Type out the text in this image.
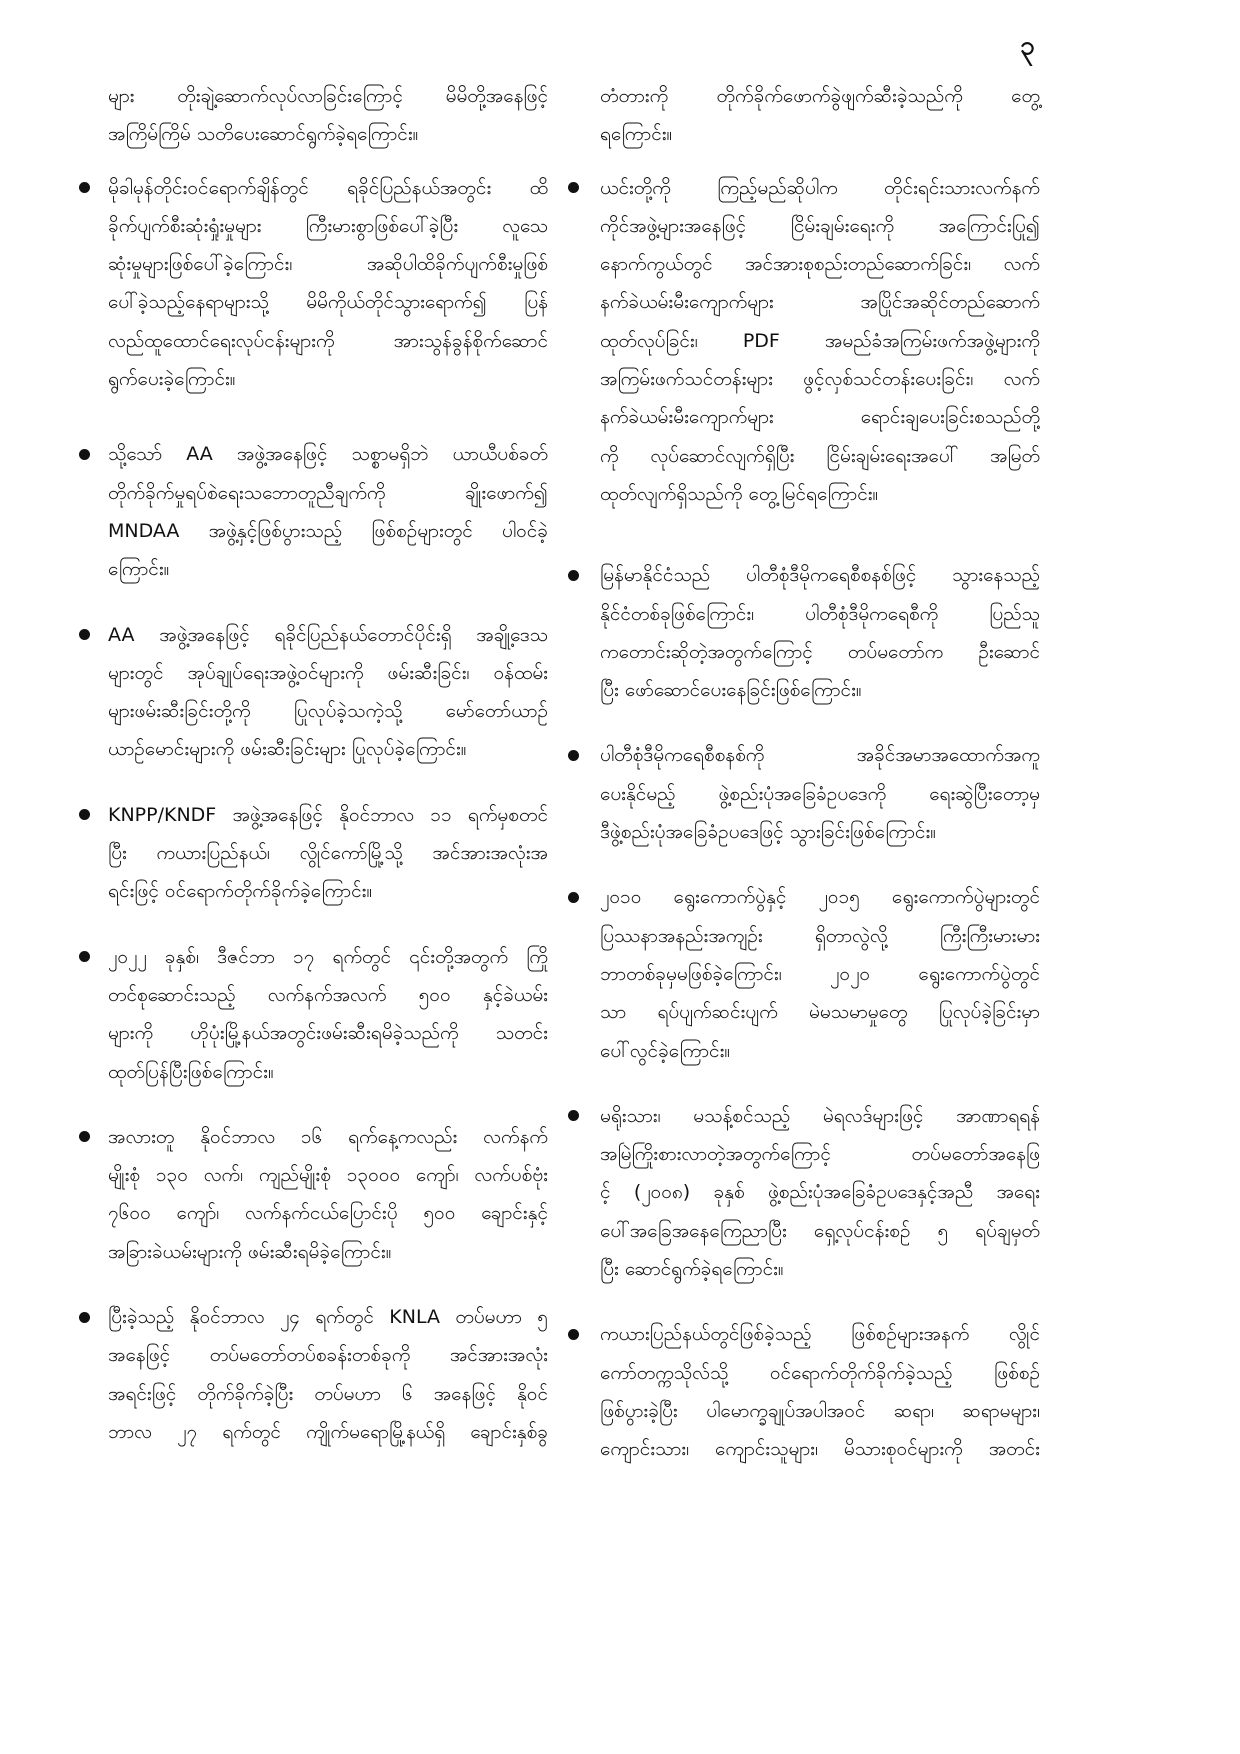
၃
များ တိုးချဲ့ဆောက်လုပ်လာခြင်းကြောင့် မိမိတို့အနေဖြင့်
အကြိမ်ကြိမ် သတိပေးဆောင်ရွက်ခဲ့ရကြောင်း။
မိုခါမုန်တိုင်းဝင်ရောက်ချိန်တွင် ရခိုင်ပြည်နယ်အတွင်း ထိ
ခိုက်ပျက်စီးဆုံးရှုံးမှုများ ကြီးမားစွာဖြစ်ပေါ်ခဲ့ပြီး လူသေ
ဆုံးမှုများဖြစ်ပေါ်ခဲ့ကြောင်း၊ အဆိုပါထိခိုက်ပျက်စီးမှုဖြစ်
ပေါ်ခဲ့သည့်နေရာများသို့ မိမိကိုယ်တိုင်သွားရောက်၍ ပြန်
လည်ထူထောင်ရေးလုပ်ငန်းများကို အားသွန်ခွန်စိုက်ဆောင်
ရွက်ပေးခဲ့ကြောင်း။
သို့သော် AA အဖွဲ့အနေဖြင့် သစ္စာမရှိဘဲ ယာယီပစ်ခတ်
တိုက်ခိုက်မှုရပ်စဲရေးသဘောတူညီချက်ကို ချိုးဖောက်၍
MNDAA အဖွဲ့နှင့်ဖြစ်ပွားသည့် ဖြစ်စဉ်များတွင် ပါဝင်ခဲ့
ကြောင်း။
AA အဖွဲ့အနေဖြင့် ရခိုင်ပြည်နယ်တောင်ပိုင်းရှိ အချို့ဒေသ
များတွင် အုပ်ချုပ်ရေးအဖွဲ့ဝင်များကို ဖမ်းဆီးခြင်း၊ ဝန်ထမ်း
များဖမ်းဆီးခြင်းတို့ကို ပြုလုပ်ခဲ့သကဲ့သို့ မော်တော်ယာဉ်
ယာဉ်မောင်းများကို ဖမ်းဆီးခြင်းများ ပြုလုပ်ခဲ့ကြောင်း။
KNPP/KNDF အဖွဲ့အနေဖြင့် နိုဝင်ဘာလ ၁၁ ရက်မှစတင်
ပြီး ကယားပြည်နယ်၊ လွိုင်ကော်မြို့သို့ အင်အားအလုံးအ
ရင်းဖြင့် ဝင်ရောက်တိုက်ခိုက်ခဲ့ကြောင်း။
၂၀၂၂ ခုနှစ်၊ ဒီဇင်ဘာ ၁၇ ရက်တွင် ၎င်းတို့အတွက် ကြို
တင်စုဆောင်းသည့် လက်နက်အလက် ၅၀၀ နှင့်ခဲယမ်း
များကို ဟိုပုံးမြို့နယ်အတွင်းဖမ်းဆီးရမိခဲ့သည်ကို သတင်း
ထုတ်ပြန်ပြီးဖြစ်ကြောင်း။
အလားတူ နိုဝင်ဘာလ ၁၆ ရက်နေ့ကလည်း လက်နက်
မျိုးစုံ ၁၃၀ လက်၊ ကျည်မျိုးစုံ ၁၃၀၀၀ ကျော်၊ လက်ပစ်ဗုံး
၇၆၀၀ ကျော်၊ လက်နက်ငယ်ပြောင်းပို ၅၀၀ ချောင်းနှင့်
အခြားခဲယမ်းများကို ဖမ်းဆီးရမိခဲ့ကြောင်း။
ပြီးခဲ့သည့် နိုဝင်ဘာလ ၂၄ ရက်တွင် KNLA တပ်မဟာ ၅
အနေဖြင့် တပ်မတော်တပ်စခန်းတစ်ခုကို အင်အားအလုံး
အရင်းဖြင့် တိုက်ခိုက်ခဲ့ပြီး တပ်မဟာ ၆ အနေဖြင့် နိုဝင်
ဘာလ ၂၇ ရက်တွင် ကျိုက်မရောမြို့နယ်ရှိ ချောင်းနှစ်ခွ
တံတားကို တိုက်ခိုက်ဖောက်ခွဲဖျက်ဆီးခဲ့သည်ကို တွေ့
ရကြောင်း။
ယင်းတို့ကို ကြည့်မည်ဆိုပါက တိုင်းရင်းသားလက်နက်
ကိုင်အဖွဲ့များအနေဖြင့် ငြိမ်းချမ်းရေးကို အကြောင်းပြု၍
နောက်ကွယ်တွင် အင်အားစုစည်းတည်ဆောက်ခြင်း၊ လက်
နက်ခဲယမ်းမီးကျောက်များ အပြိုင်အဆိုင်တည်ဆောက်
ထုတ်လုပ်ခြင်း၊ PDF အမည်ခံအကြမ်းဖက်အဖွဲ့များကို
အကြမ်းဖက်သင်တန်းများ ဖွင့်လှစ်သင်တန်းပေးခြင်း၊ လက်
နက်ခဲယမ်းမီးကျောက်များ ရောင်းချပေးခြင်းစသည်တို့
ကို လုပ်ဆောင်လျက်ရှိပြီး ငြိမ်းချမ်းရေးအပေါ် အမြတ်
ထုတ်လျက်ရှိသည်ကို တွေ့မြင်ရကြောင်း။
မြန်မာနိုင်ငံသည် ပါတီစုံဒီမိုကရေစီစနစ်ဖြင့် သွားနေသည့်
နိုင်ငံတစ်ခုဖြစ်ကြောင်း၊ ပါတီစုံဒီမိုကရေစီကို ပြည်သူ
ကတောင်းဆိုတဲ့အတွက်ကြောင့် တပ်မတော်က ဦးဆောင်
ပြီး ဖော်ဆောင်ပေးနေခြင်းဖြစ်ကြောင်း။
ပါတီစုံဒီမိုကရေစီစနစ်ကို အခိုင်အမာအထောက်အကူ
ပေးနိုင်မည့် ဖွဲ့စည်းပုံအခြေခံဥပဒေကို ရေးဆွဲပြီးတော့မှ
ဒီဖွဲ့စည်းပုံအခြေခံဥပဒေဖြင့် သွားခြင်းဖြစ်ကြောင်း။
၂၀၁၀ ရွေးကောက်ပွဲနှင့် ၂၀၁၅ ရွေးကောက်ပွဲများတွင်
ပြဿနာအနည်းအကျဉ်း ရှိတာလွဲလို့ ကြီးကြီးမားမား
ဘာတစ်ခုမှမဖြစ်ခဲ့ကြောင်း၊ ၂၀၂၀ ရွေးကောက်ပွဲတွင်
သာ ရပ်ပျက်ဆင်းပျက် မဲမသမာမှုတွေ ပြုလုပ်ခဲ့ခြင်းမှာ
ပေါ်လွင်ခဲ့ကြောင်း။
မရိုးသား၊ မသန့်စင်သည့် မဲရလဒ်များဖြင့် အာဏာရရန်
အမြဲကြိုးစားလာတဲ့အတွက်ကြောင့် တပ်မတော်အနေဖြ
င့် (၂၀၀၈) ခုနှစ် ဖွဲ့စည်းပုံအခြေခံဥပဒေနှင့်အညီ အရေး
ပေါ်အခြေအနေကြေညာပြီး ရှေ့လုပ်ငန်းစဉ် ၅ ရပ်ချမှတ်
ပြီး ဆောင်ရွက်ခဲ့ရကြောင်း။
ကယားပြည်နယ်တွင်ဖြစ်ခဲ့သည့် ဖြစ်စဉ်များအနက် လွိုင်
ကော်တက္ကသိုလ်သို့ ဝင်ရောက်တိုက်ခိုက်ခဲ့သည့် ဖြစ်စဉ်
ဖြစ်ပွားခဲ့ပြီး ပါမောက္ခချုပ်အပါအဝင် ဆရာ၊ ဆရာမများ၊
ကျောင်းသား၊ ကျောင်းသူများ၊ မိသားစုဝင်များကို အတင်း
